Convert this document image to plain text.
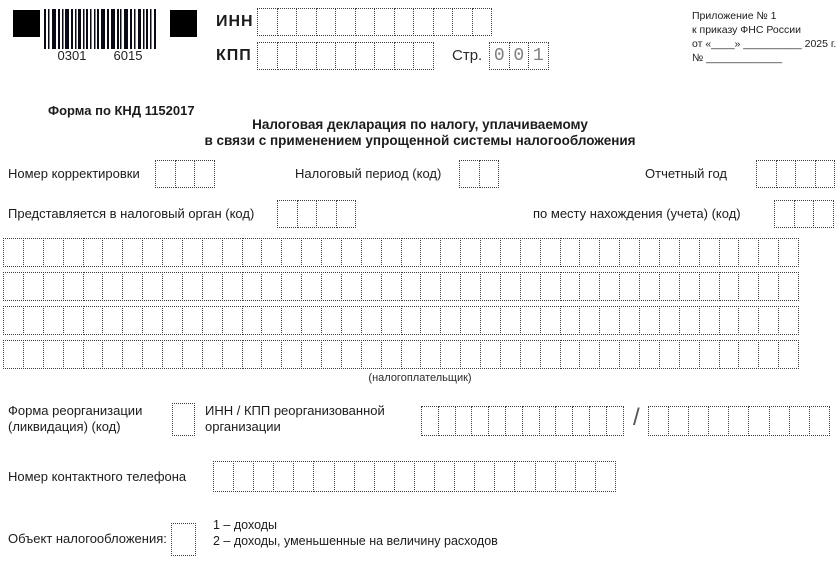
0301 6015
ИНН
КПП	Стр. 0 0 1
Приложение № 1
к приказу ФНС России
от «____» __________ 2025 г.
№ _____________
Форма по КНД 1152017
Налоговая декларация по налогу, уплачиваемому
в связи с применением упрощенной системы налогообложения
Номер корректировки	Налоговый период (код)	Отчетный год
Представляется в налоговый орган (код)	по месту нахождения (учета) (код)
(налогоплательщик)
Форма реорганизации
(ликвидация) (код)
ИНН / КПП реорганизованной
организации	/
Номер контактного телефона
Объект налогообложения:
1 – доходы
2 – доходы, уменьшенные на величину расходов
